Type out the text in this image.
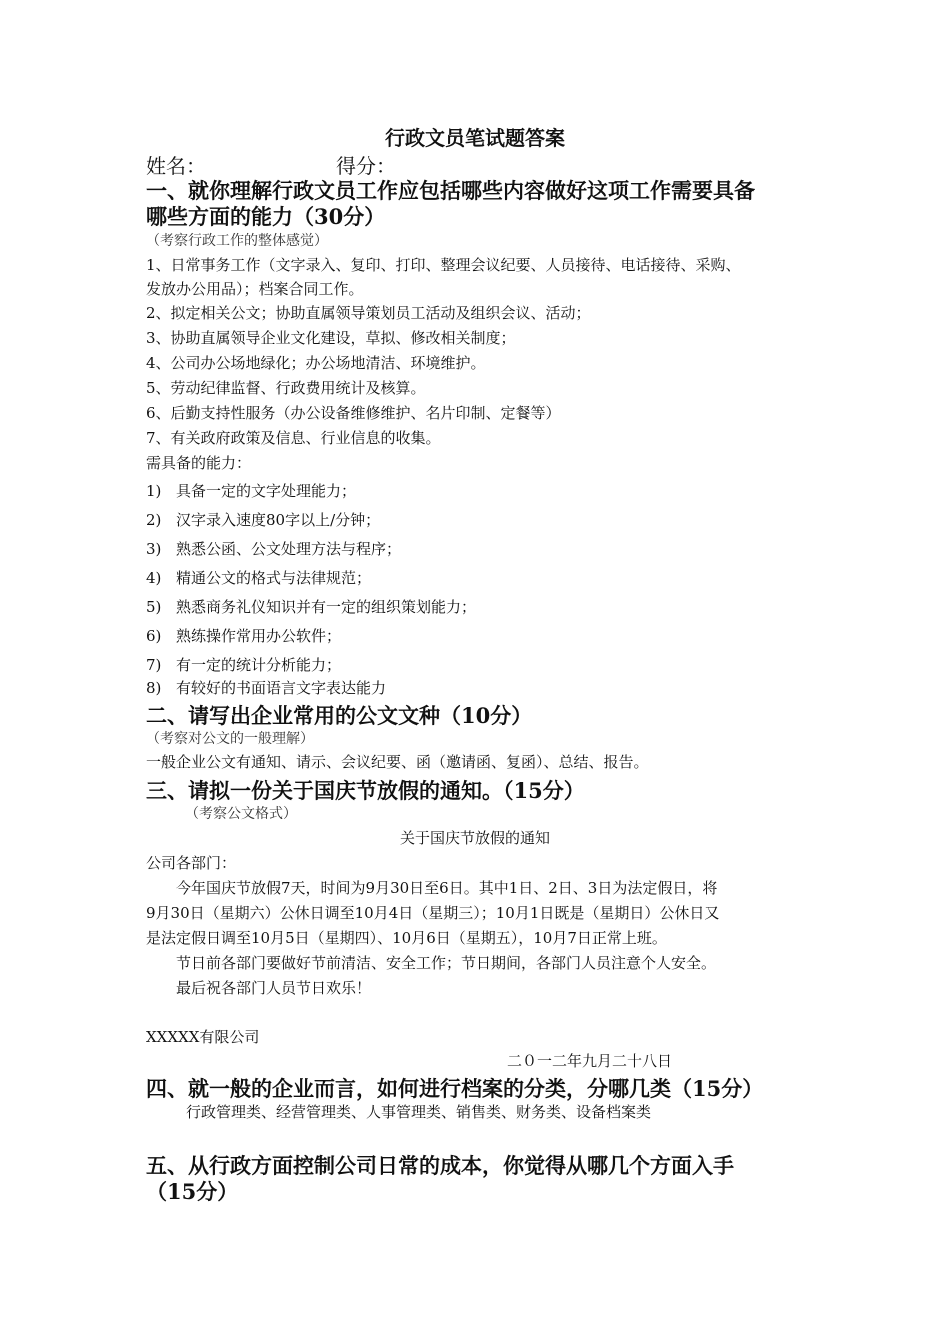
行政文员笔试题答案
姓名：	得分：
一、就你理解行政文员工作应包括哪些内容做好这项工作需要具备
哪些方面的能力（30分）
（考察行政工作的整体感觉）
1、日常事务工作（文字录入、复印、打印、整理会议纪要、人员接待、电话接待、采购、
发放办公用品）；档案合同工作。
2、拟定相关公文；协助直属领导策划员工活动及组织会议、活动；
3、协助直属领导企业文化建设，草拟、修改相关制度；
4、公司办公场地绿化；办公场地清洁、环境维护。
5、劳动纪律监督、行政费用统计及核算。
6、后勤支持性服务（办公设备维修维护、名片印制、定餐等）
7、有关政府政策及信息、行业信息的收集。
需具备的能力：
1) 具备一定的文字处理能力；
2) 汉字录入速度80字以上/分钟；
3) 熟悉公函、公文处理方法与程序；
4) 精通公文的格式与法律规范；
5) 熟悉商务礼仪知识并有一定的组织策划能力；
6) 熟练操作常用办公软件；
7) 有一定的统计分析能力；
8) 有较好的书面语言文字表达能力
二、请写出企业常用的公文文种（10分）
（考察对公文的一般理解）
一般企业公文有通知、请示、会议纪要、函（邀请函、复函）、总结、报告。
三、请拟一份关于国庆节放假的通知。（15分）
（考察公文格式）
关于国庆节放假的通知
公司各部门：
今年国庆节放假7天，时间为9月30日至6日。其中1日、2日、3日为法定假日，将
9月30日（星期六）公休日调至10月4日（星期三）；10月1日既是（星期日）公休日又
是法定假日调至10月5日（星期四）、10月6日（星期五），10月7日正常上班。
节日前各部门要做好节前清洁、安全工作；节日期间，各部门人员注意个人安全。
最后祝各部门人员节日欢乐！
XXXXX有限公司
二０一二年九月二十八日
四、就一般的企业而言，如何进行档案的分类，分哪几类（15分）
行政管理类、经营管理类、人事管理类、销售类、财务类、设备档案类
五、从行政方面控制公司日常的成本，你觉得从哪几个方面入手
（15分）
